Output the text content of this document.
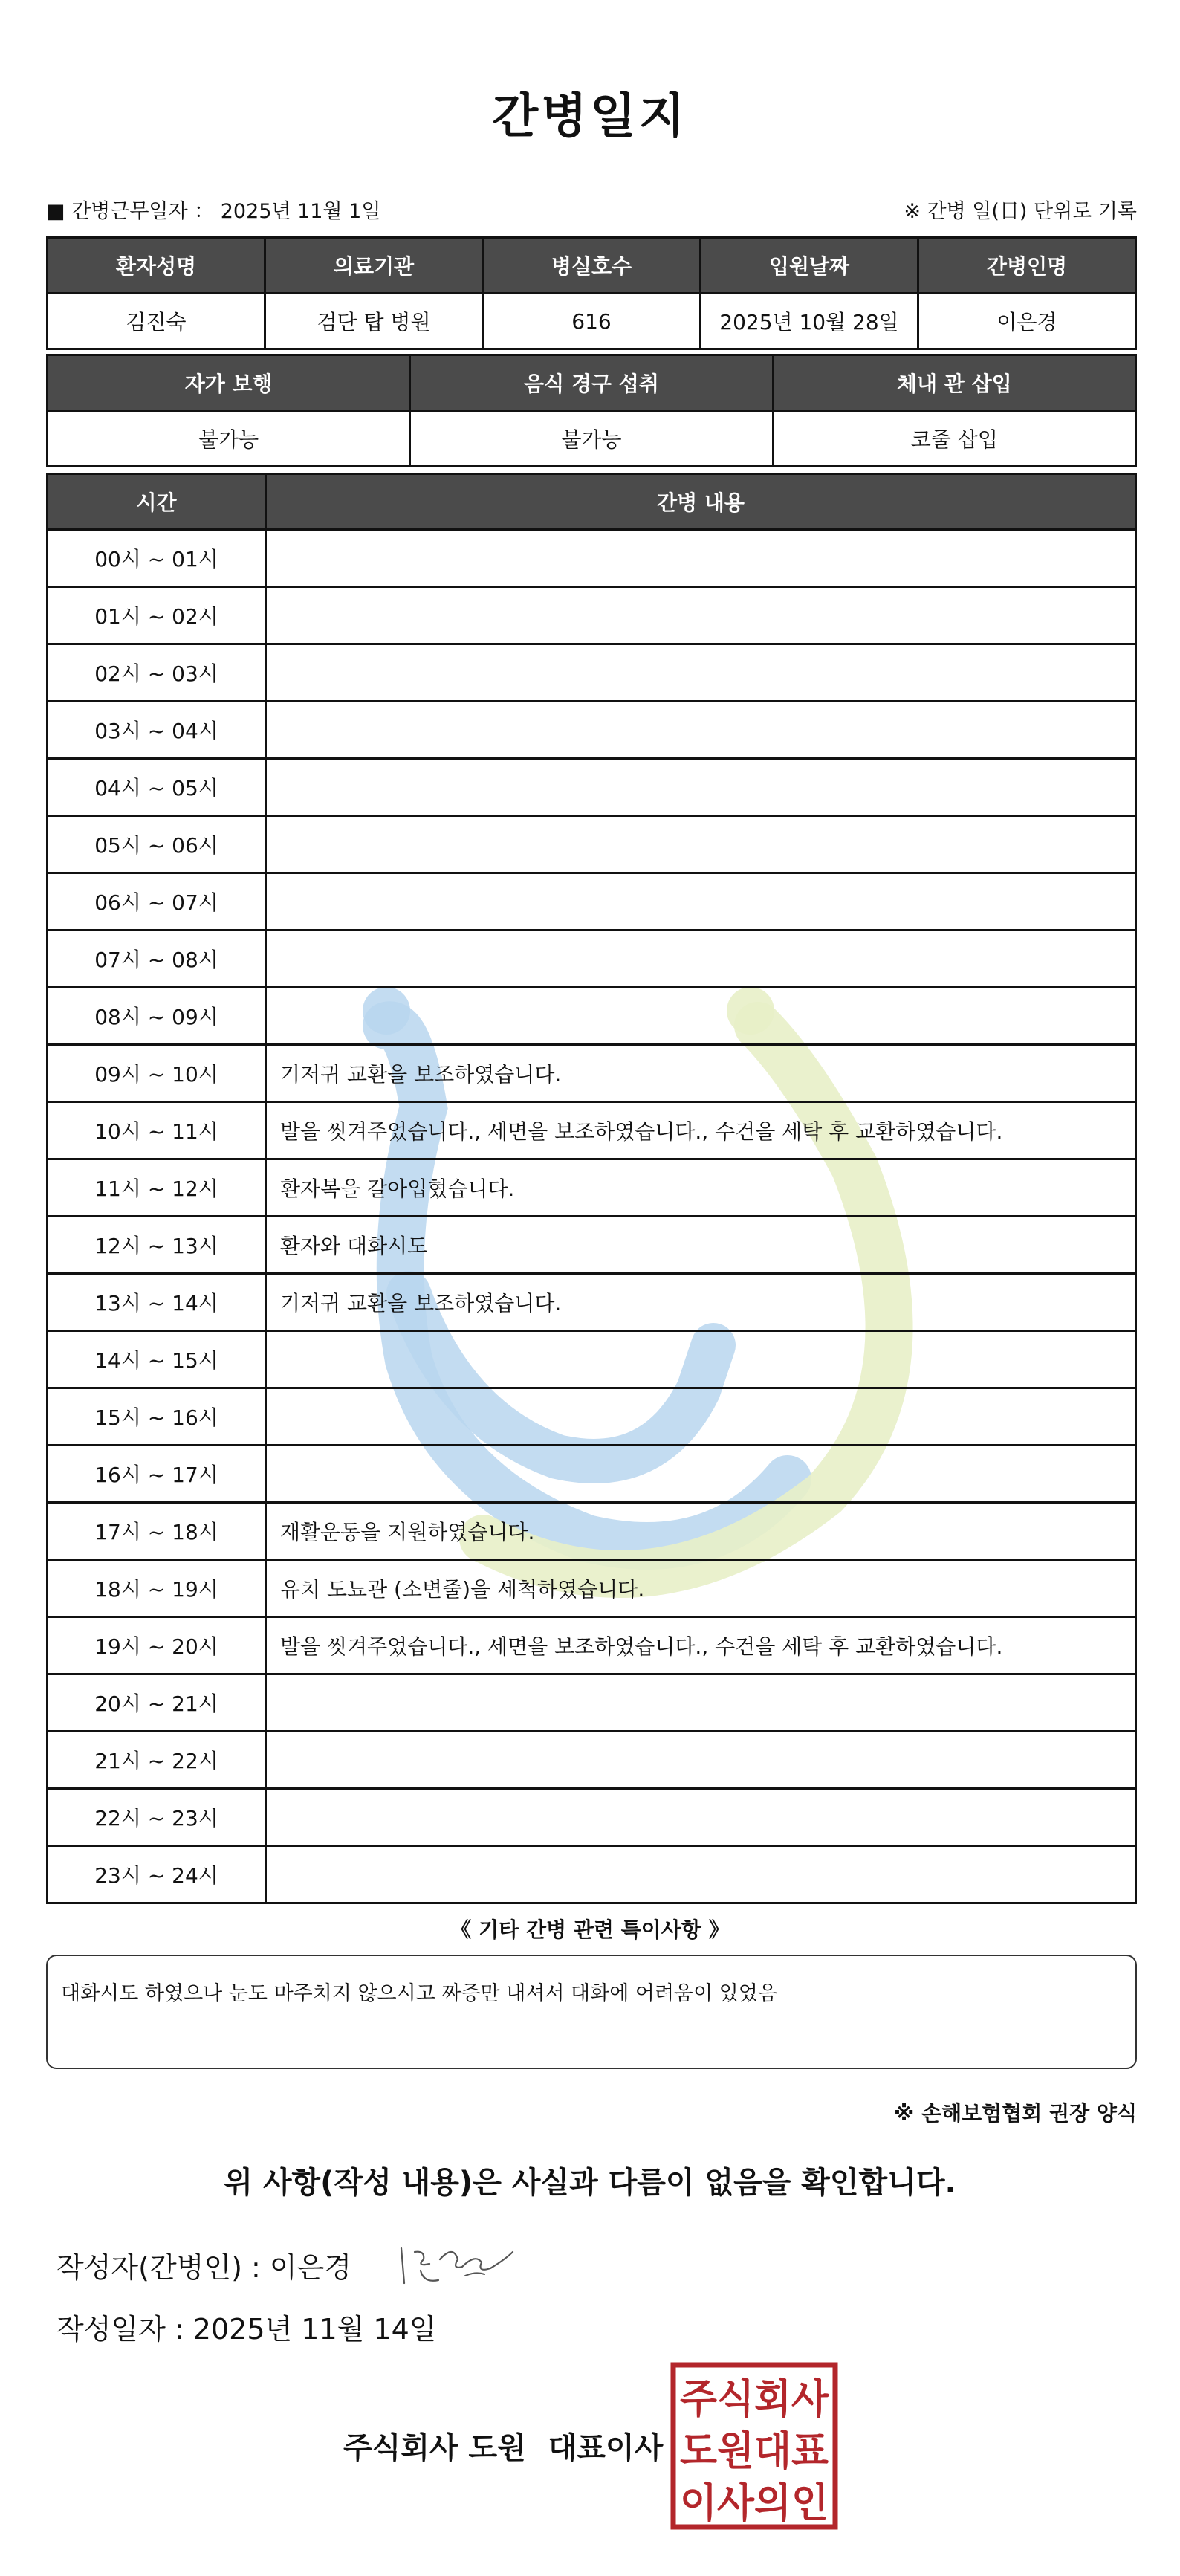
간병일지
■ 간병근무일자 ： 2025년 11월 1일	※ 간병 일(日) 단위로 기록
환자성명	의료기관	병실호수	입원날짜	간병인명
김진숙	검단 탑 병원	616	2025년 10월 28일	이은경
자가 보행	음식 경구 섭취	체내 관 삽입
불가능	불가능	코줄 삽입
시간	간병 내용
00시 ~ 01시	
01시 ~ 02시	
02시 ~ 03시	
03시 ~ 04시	
04시 ~ 05시	
05시 ~ 06시	
06시 ~ 07시	
07시 ~ 08시	
08시 ~ 09시	
09시 ~ 10시	기저귀 교환을 보조하였습니다.
10시 ~ 11시	발을 씻겨주었습니다., 세면을 보조하였습니다., 수건을 세탁 후 교환하였습니다.
11시 ~ 12시	환자복을 갈아입혔습니다.
12시 ~ 13시	환자와 대화시도
13시 ~ 14시	기저귀 교환을 보조하였습니다.
14시 ~ 15시	
15시 ~ 16시	
16시 ~ 17시	
17시 ~ 18시	재활운동을 지원하였습니다.
18시 ~ 19시	유치 도뇨관 (소변줄)을 세척하였습니다.
19시 ~ 20시	발을 씻겨주었습니다., 세면을 보조하였습니다., 수건을 세탁 후 교환하였습니다.
20시 ~ 21시	
21시 ~ 22시	
22시 ~ 23시	
23시 ~ 24시	
《 기타 간병 관련 특이사항 》
대화시도 하였으나 눈도 마주치지 않으시고 짜증만 내셔서 대화에 어려움이 있었음
※ 손해보험협회 권장 양식
위 사항(작성 내용)은 사실과 다름이 없음을 확인합니다.
작성자(간병인) : 이은경
작성일자 : 2025년 11월 14일
주식회사 도원 대표이사
주식회사
도원대표
이사의인
